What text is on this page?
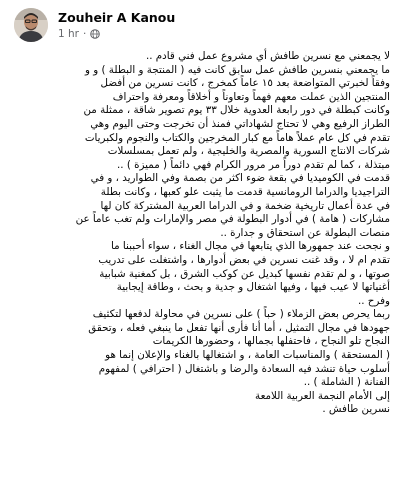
Zouheir A Kanou
1 hr ·

لا يجمعني مع نسرين طافش أي مشروع عمل فني قادم ..

ما يجمعني بنسرين طافش عمل سابق كانت فيه ( المنتجة و البطلة ) و و

وفقاً لخبرتي المتواضعة بعد ١٥ عاماً كمخرج ، كانت نسرين من أفضل

المنتجين الذين عملت معهم فهماً وتعاوناً و أخلاقاً ومعرفة واحتراف

وكانت كبطلة في دور رابعة العدوية خلال ٣٣ يوم تصوير شاقة ، ممثلة من

الطراز الرفيع وهي لا تحتاج لشهاداتي فمنذ أن تخرجت وحتى اليوم وهي

تقدم في كل عام عملاً هاماً مع كبار المخرجين والكتاب والنجوم ولكبريات

شركات الانتاج السورية والمصرية والخليجية ، ولم تعمل بمسلسلات

مبتذلة ، كما لم تقدم دوراً مر مرور الكرام فهي دائماً ( مميزة ) ..

قدمت في الكوميديا في بقعة ضوء اكثر من بصمة وفي الطواريد ، و في

التراجيديا والدراما الرومانسية قدمت ما يثبت علو كعبها ، وكانت بطلة

في عدة أعمال تاريخية ضخمة و في الدراما العربية المشتركة كان لها

مشاركات ( هامة ) في أدوار البطولة في مصر والإمارات ولم تغب عاماً عن

منصات البطولة عن استحقاق و جدارة ..

و نجحت عند جمهورها الذي يتابعها في مجال الغناء ، سواء أحببنا ما

تقدم ام لا ، وقد غنت نسرين في بعض أدوارها ، واشتغلت على تدريب

صوتها ، و لم تقدم نفسها كبديل عن كوكب الشرق ، بل كمغنية شبابية

أغنياتها لا عيب فيها ، وفيها اشتغال و جدية و بحث ، وطاقة إيجابية

وفرح ..

ربما يحرص بعض الزملاء ( حباً ) على نسرين في محاولة لدفعها لتكثيف

جهودها في مجال التمثيل ، أما أنا فأرى أنها تفعل ما ينبغي فعله ، وتحقق

النجاح تلو النجاح ، فاحتفلها بجمالها ، وحضورها الكريمات

( المستحقة ) والمناسبات العامة ، و اشتغالها بالغناء والإعلان إنما هو

أسلوب حياة تنشد فيه السعادة والرضا و باشتغال ( احترافي ) لمفهوم

الفنانة ( الشاملة ) ..

إلى الأمام النجمة العربية اللامعة

نسرين طافش .
